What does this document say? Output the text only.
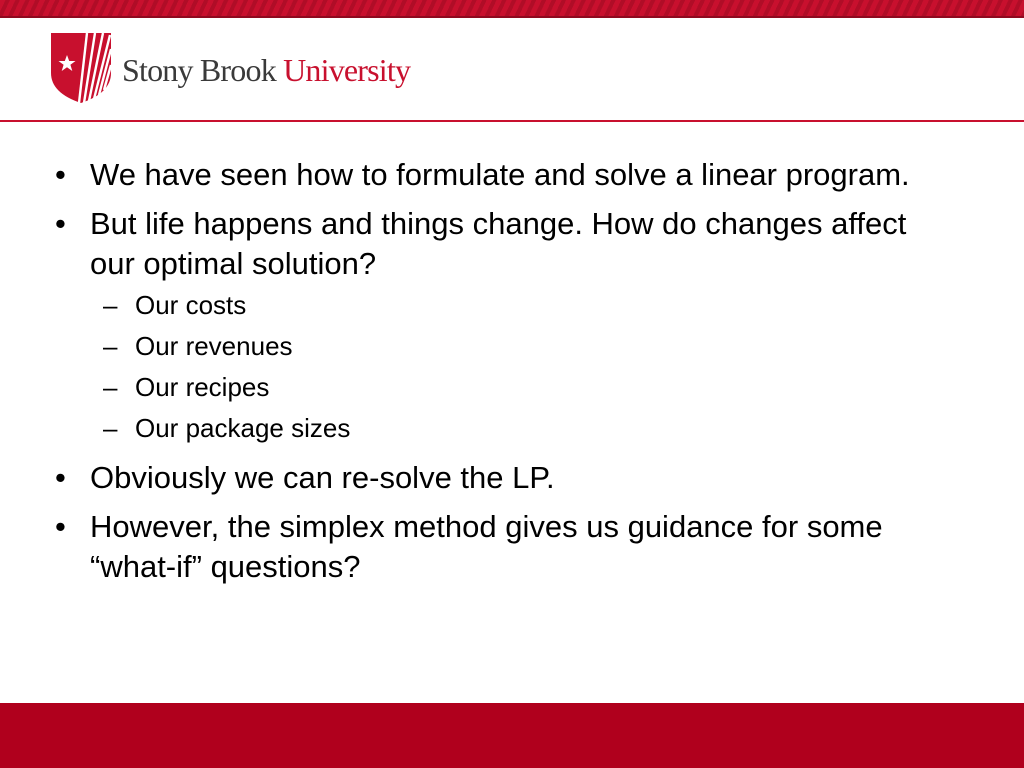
Stony Brook University
• We have seen how to formulate and solve a linear program.
• But life happens and things change. How do changes affect our optimal solution?
– Our costs
– Our revenues
– Our recipes
– Our package sizes
• Obviously we can re-solve the LP.
• However, the simplex method gives us guidance for some “what-if” questions?
